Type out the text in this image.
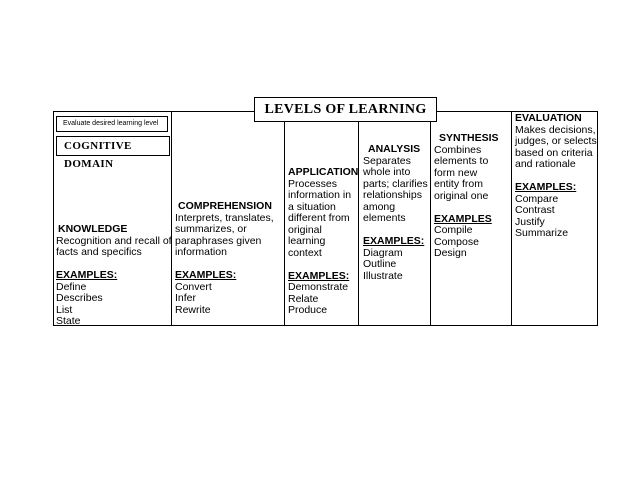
LEVELS OF LEARNING
Evaluate desired learning level
COGNITIVE DOMAIN
KNOWLEDGE
Recognition and recall of
facts and specifics
EXAMPLES:
Define
Describes
List
State
COMPREHENSION
Interprets, translates,
summarizes, or
paraphrases given
information
EXAMPLES:
Convert
Infer
Rewrite
APPLICATION
Processes
information in
a situation
different from
original
learning
context
EXAMPLES:
Demonstrate
Relate
Produce
ANALYSIS
Separates
whole into
parts; clarifies
relationships
among
elements
EXAMPLES:
Diagram
Outline
Illustrate
SYNTHESIS
Combines
elements to
form new
entity from
original one
EXAMPLES
Compile
Compose
Design
EVALUATION
Makes decisions,
judges, or selects
based on criteria
and rationale
EXAMPLES:
Compare
Contrast
Justify
Summarize
